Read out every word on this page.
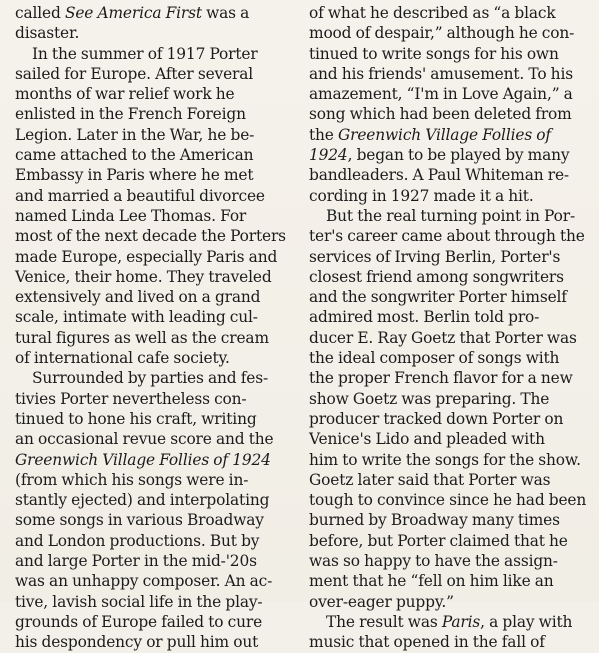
called See America First was a
disaster.
In the summer of 1917 Porter
sailed for Europe. After several
months of war relief work he
enlisted in the French Foreign
Legion. Later in the War, he be-
came attached to the American
Embassy in Paris where he met
and married a beautiful divorcee
named Linda Lee Thomas. For
most of the next decade the Porters
made Europe, especially Paris and
Venice, their home. They traveled
extensively and lived on a grand
scale, intimate with leading cul-
tural figures as well as the cream
of international cafe society.
Surrounded by parties and fes-
tivies Porter nevertheless con-
tinued to hone his craft, writing
an occasional revue score and the
Greenwich Village Follies of 1924
(from which his songs were in-
stantly ejected) and interpolating
some songs in various Broadway
and London productions. But by
and large Porter in the mid-'20s
was an unhappy composer. An ac-
tive, lavish social life in the play-
grounds of Europe failed to cure
his despondency or pull him out
of what he described as “a black
mood of despair,” although he con-
tinued to write songs for his own
and his friends' amusement. To his
amazement, “I'm in Love Again,” a
song which had been deleted from
the Greenwich Village Follies of
1924, began to be played by many
bandleaders. A Paul Whiteman re-
cording in 1927 made it a hit.
But the real turning point in Por-
ter's career came about through the
services of Irving Berlin, Porter's
closest friend among songwriters
and the songwriter Porter himself
admired most. Berlin told pro-
ducer E. Ray Goetz that Porter was
the ideal composer of songs with
the proper French flavor for a new
show Goetz was preparing. The
producer tracked down Porter on
Venice's Lido and pleaded with
him to write the songs for the show.
Goetz later said that Porter was
tough to convince since he had been
burned by Broadway many times
before, but Porter claimed that he
was so happy to have the assign-
ment that he “fell on him like an
over-eager puppy.”
The result was Paris, a play with
music that opened in the fall of
